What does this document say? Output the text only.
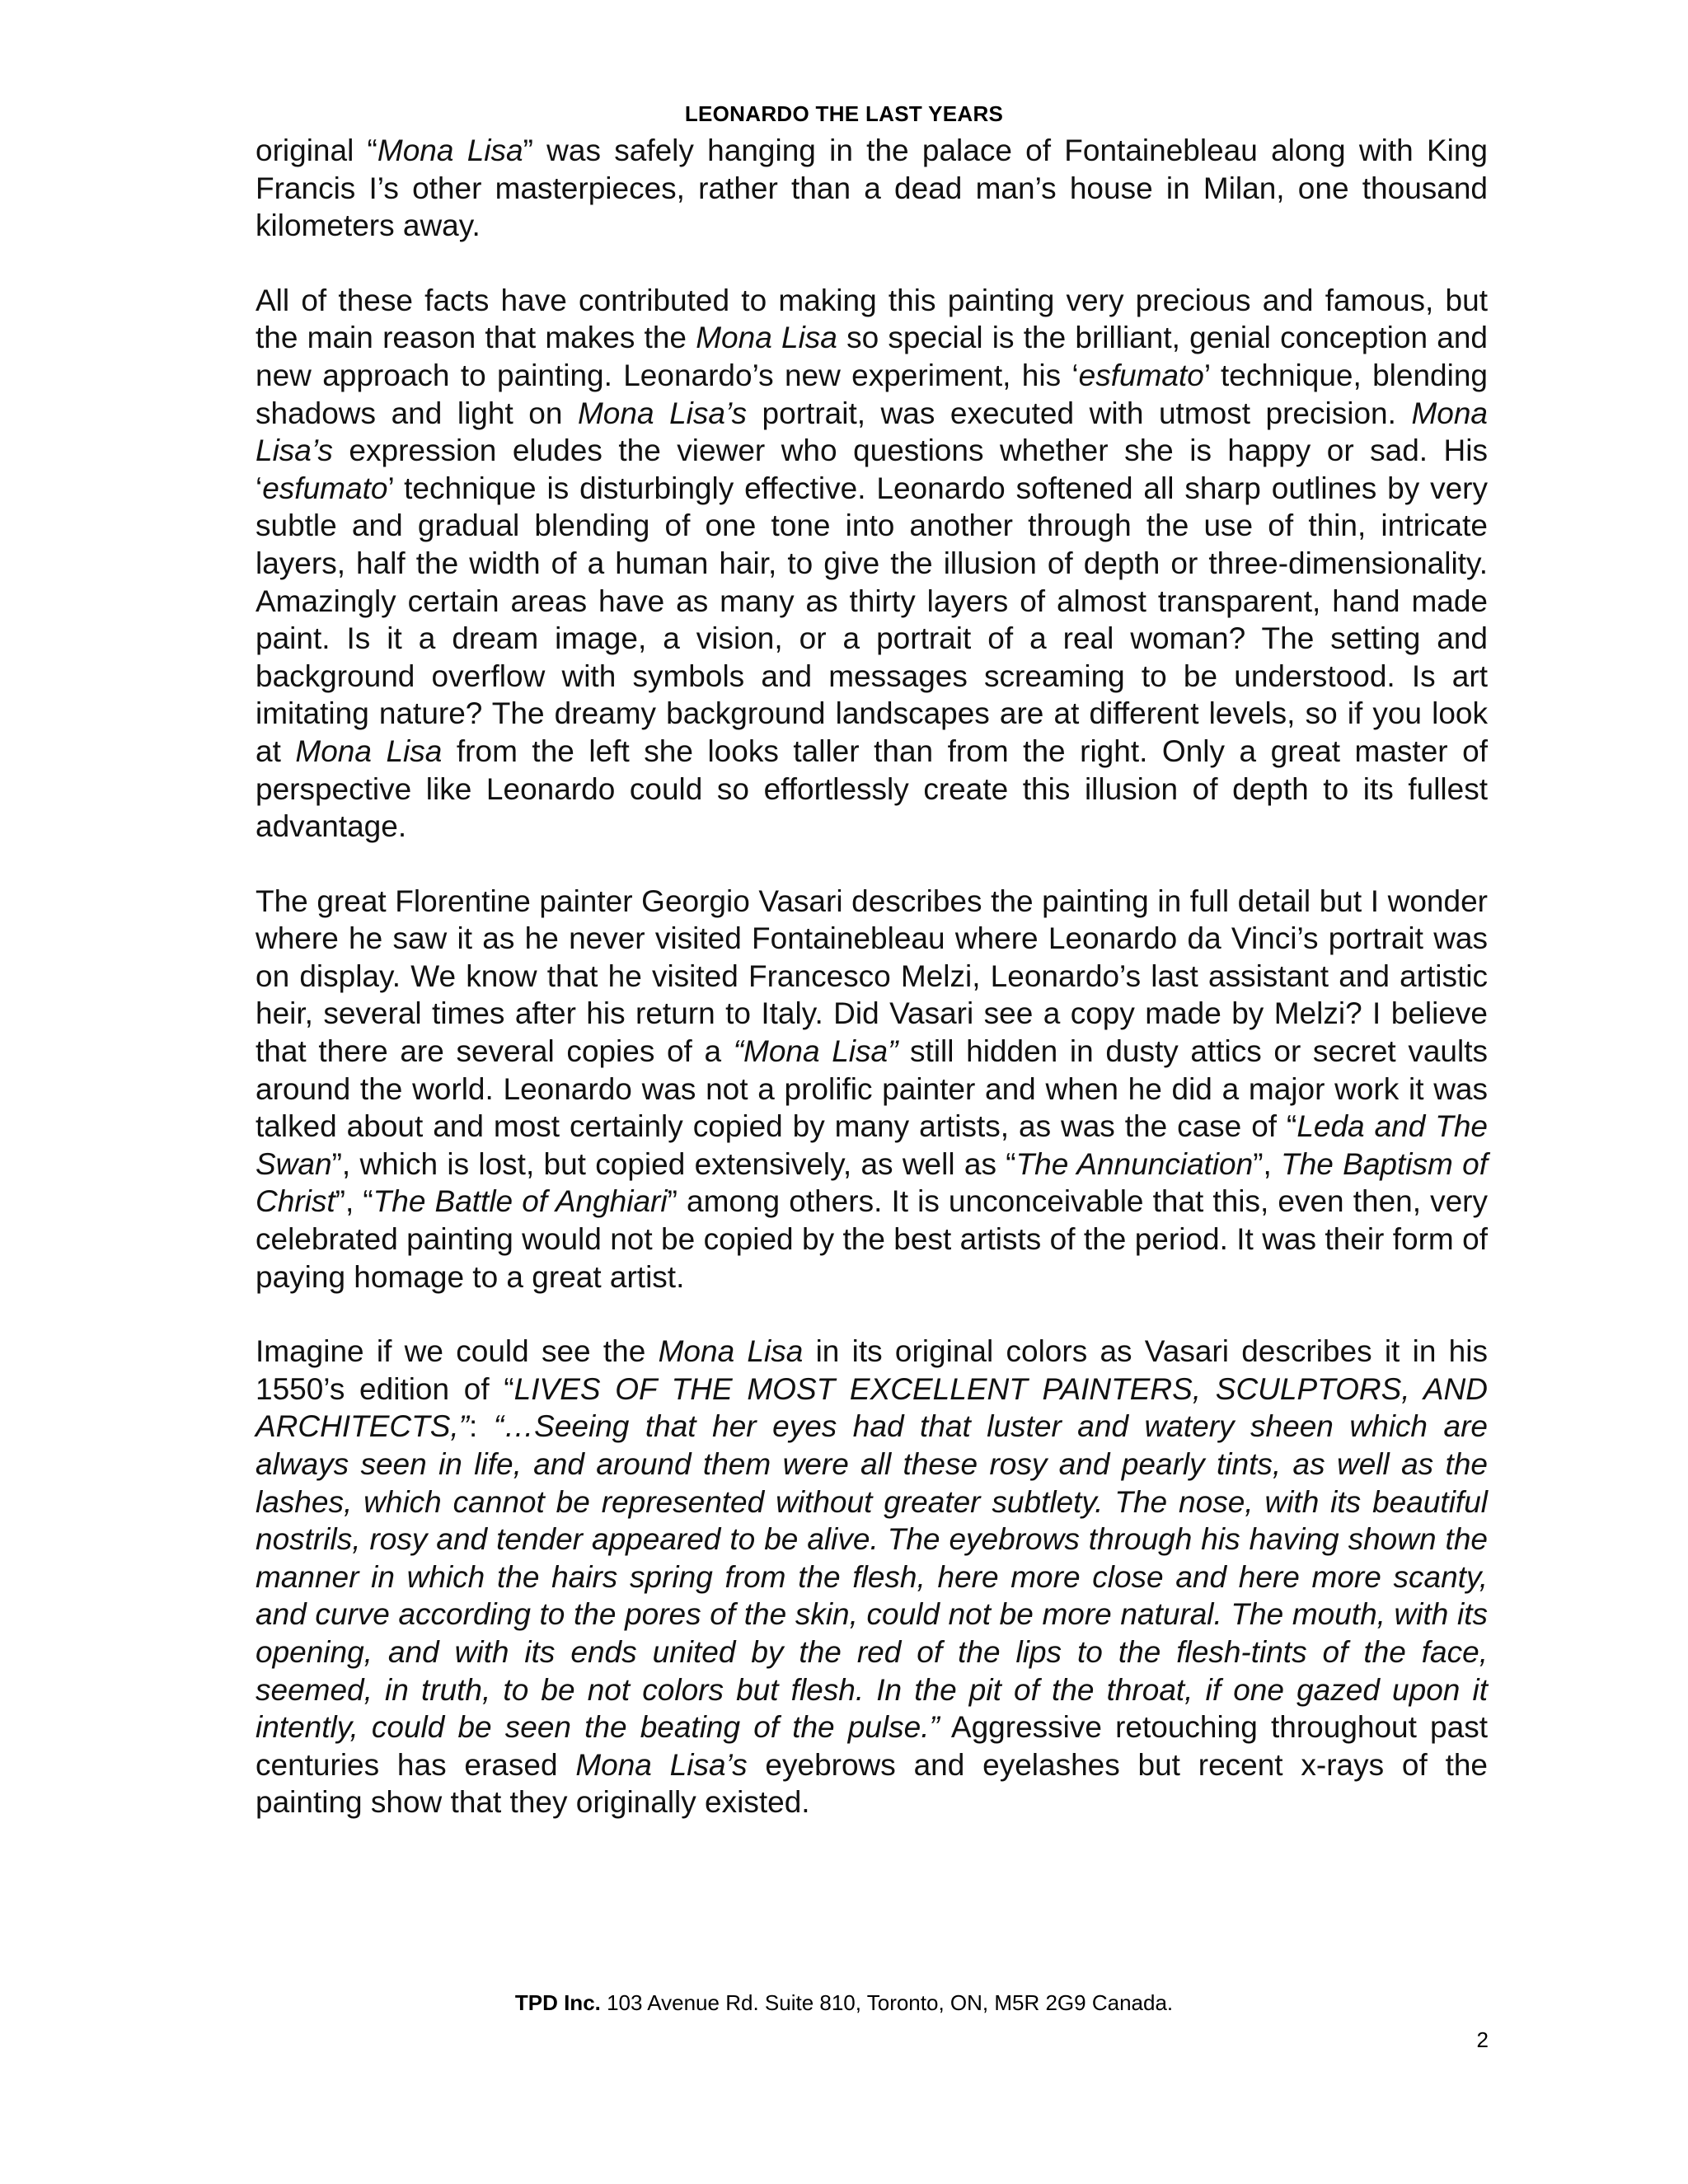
LEONARDO THE LAST YEARS

original “Mona Lisa” was safely hanging in the palace of Fontainebleau along with King Francis I’s other masterpieces, rather than a dead man’s house in Milan, one thousand kilometers away.

All of these facts have contributed to making this painting very precious and famous, but the main reason that makes the Mona Lisa so special is the brilliant, genial conception and new approach to painting. Leonardo’s new experiment, his ‘esfumato’ technique, blending shadows and light on Mona Lisa’s portrait, was executed with utmost precision. Mona Lisa’s expression eludes the viewer who questions whether she is happy or sad. His ‘esfumato’ technique is disturbingly effective. Leonardo softened all sharp outlines by very subtle and gradual blending of one tone into another through the use of thin, intricate layers, half the width of a human hair, to give the illusion of depth or three-dimensionality. Amazingly certain areas have as many as thirty layers of almost transparent, hand made paint. Is it a dream image, a vision, or a portrait of a real woman? The setting and background overflow with symbols and messages screaming to be understood. Is art imitating nature? The dreamy background landscapes are at different levels, so if you look at Mona Lisa from the left she looks taller than from the right. Only a great master of perspective like Leonardo could so effortlessly create this illusion of depth to its fullest advantage.

The great Florentine painter Georgio Vasari describes the painting in full detail but I wonder where he saw it as he never visited Fontainebleau where Leonardo da Vinci’s portrait was on display. We know that he visited Francesco Melzi, Leonardo’s last assistant and artistic heir, several times after his return to Italy. Did Vasari see a copy made by Melzi? I believe that there are several copies of a “Mona Lisa” still hidden in dusty attics or secret vaults around the world. Leonardo was not a prolific painter and when he did a major work it was talked about and most certainly copied by many artists, as was the case of “Leda and The Swan”, which is lost, but copied extensively, as well as “The Annunciation”, The Baptism of Christ”, “The Battle of Anghiari” among others. It is unconceivable that this, even then, very celebrated painting would not be copied by the best artists of the period. It was their form of paying homage to a great artist.

Imagine if we could see the Mona Lisa in its original colors as Vasari describes it in his 1550’s edition of “LIVES OF THE MOST EXCELLENT PAINTERS, SCULPTORS, AND ARCHITECTS,”: “…Seeing that her eyes had that luster and watery sheen which are always seen in life, and around them were all these rosy and pearly tints, as well as the lashes, which cannot be represented without greater subtlety. The nose, with its beautiful nostrils, rosy and tender appeared to be alive. The eyebrows through his having shown the manner in which the hairs spring from the flesh, here more close and here more scanty, and curve according to the pores of the skin, could not be more natural. The mouth, with its opening, and with its ends united by the red of the lips to the flesh-tints of the face, seemed, in truth, to be not colors but flesh. In the pit of the throat, if one gazed upon it intently, could be seen the beating of the pulse.” Aggressive retouching throughout past centuries has erased Mona Lisa’s eyebrows and eyelashes but recent x-rays of the painting show that they originally existed.

TPD Inc. 103 Avenue Rd. Suite 810, Toronto, ON, M5R 2G9 Canada.
2
